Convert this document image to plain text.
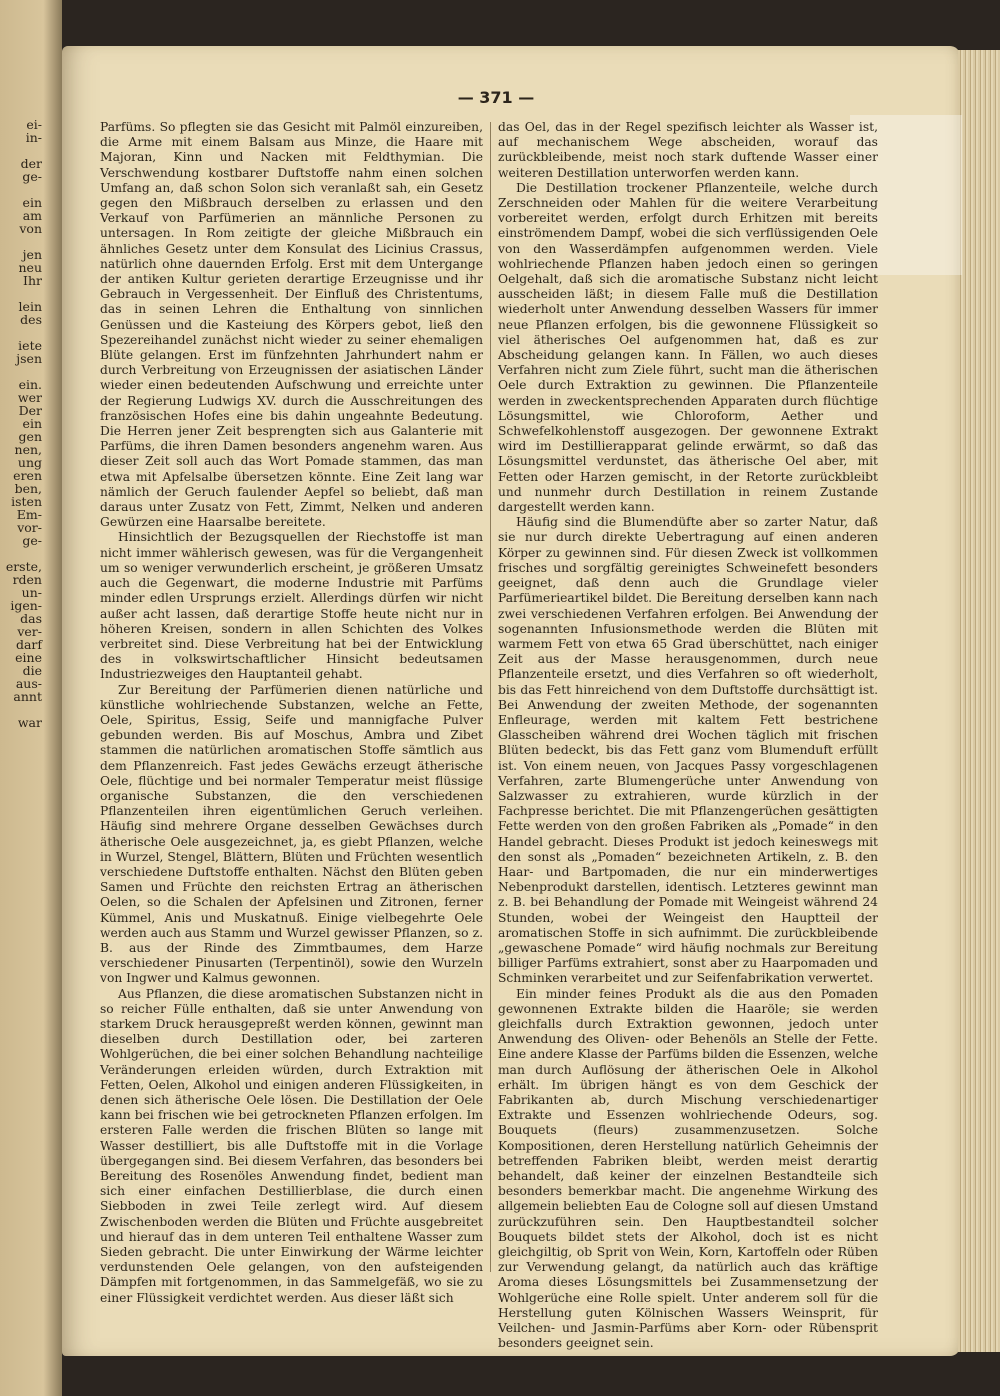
ei-
in-

der
ge-

ein
am
von

jen
neu
Ihr

lein
des

iete
jsen

ein.
wer
Der
ein
gen
nen,
ung
eren
ben,
isten
Em-
vor-
ge-

erste,
rden
un-
igen-
das
ver-
darf
eine
die
aus-
annt

war
— 371 —

Parfüms. So pflegten sie das Gesicht mit Palmöl einzureiben, die Arme mit einem Balsam aus Minze, die Haare mit Majoran, Kinn und Nacken mit Feldthymian. Die Verschwendung kostbarer Duftstoffe nahm einen solchen Umfang an, daß schon Solon sich veranlaßt sah, ein Gesetz gegen den Mißbrauch derselben zu erlassen und den Verkauf von Parfümerien an männliche Personen zu untersagen. In Rom zeitigte der gleiche Mißbrauch ein ähnliches Gesetz unter dem Konsulat des Licinius Crassus, natürlich ohne dauernden Erfolg. Erst mit dem Untergange der antiken Kultur gerieten derartige Erzeugnisse und ihr Gebrauch in Vergessenheit. Der Einfluß des Christentums, das in seinen Lehren die Enthaltung von sinnlichen Genüssen und die Kasteiung des Körpers gebot, ließ den Spezereihandel zunächst nicht wieder zu seiner ehemaligen Blüte gelangen. Erst im fünfzehnten Jahrhundert nahm er durch Verbreitung von Erzeugnissen der asiatischen Länder wieder einen bedeutenden Aufschwung und erreichte unter der Regierung Ludwigs XV. durch die Ausschreitungen des französischen Hofes eine bis dahin ungeahnte Bedeutung. Die Herren jener Zeit besprengten sich aus Galanterie mit Parfüms, die ihren Damen besonders angenehm waren. Aus dieser Zeit soll auch das Wort Pomade stammen, das man etwa mit Apfelsalbe übersetzen könnte. Eine Zeit lang war nämlich der Geruch faulender Aepfel so beliebt, daß man daraus unter Zusatz von Fett, Zimmt, Nelken und anderen Gewürzen eine Haarsalbe bereitete.

Hinsichtlich der Bezugsquellen der Riechstoffe ist man nicht immer wählerisch gewesen, was für die Vergangenheit um so weniger verwunderlich erscheint, je größeren Umsatz auch die Gegenwart, die moderne Industrie mit Parfüms minder edlen Ursprungs erzielt. Allerdings dürfen wir nicht außer acht lassen, daß derartige Stoffe heute nicht nur in höheren Kreisen, sondern in allen Schichten des Volkes verbreitet sind. Diese Verbreitung hat bei der Entwicklung des in volkswirtschaftlicher Hinsicht bedeutsamen Industriezweiges den Hauptanteil gehabt.

Zur Bereitung der Parfümerien dienen natürliche und künstliche wohlriechende Substanzen, welche an Fette, Oele, Spiritus, Essig, Seife und mannigfache Pulver gebunden werden. Bis auf Moschus, Ambra und Zibet stammen die natürlichen aromatischen Stoffe sämtlich aus dem Pflanzenreich. Fast jedes Gewächs erzeugt ätherische Oele, flüchtige und bei normaler Temperatur meist flüssige organische Substanzen, die den verschiedenen Pflanzenteilen ihren eigentümlichen Geruch verleihen. Häufig sind mehrere Organe desselben Gewächses durch ätherische Oele ausgezeichnet, ja, es giebt Pflanzen, welche in Wurzel, Stengel, Blättern, Blüten und Früchten wesentlich verschiedene Duftstoffe enthalten. Nächst den Blüten geben Samen und Früchte den reichsten Ertrag an ätherischen Oelen, so die Schalen der Apfelsinen und Zitronen, ferner Kümmel, Anis und Muskatnuß. Einige vielbegehrte Oele werden auch aus Stamm und Wurzel gewisser Pflanzen, so z. B. aus der Rinde des Zimmtbaumes, dem Harze verschiedener Pinusarten (Terpentinöl), sowie den Wurzeln von Ingwer und Kalmus gewonnen.

Aus Pflanzen, die diese aromatischen Substanzen nicht in so reicher Fülle enthalten, daß sie unter Anwendung von starkem Druck herausgepreßt werden können, gewinnt man dieselben durch Destillation oder, bei zarteren Wohlgerüchen, die bei einer solchen Behandlung nachteilige Veränderungen erleiden würden, durch Extraktion mit Fetten, Oelen, Alkohol und einigen anderen Flüssigkeiten, in denen sich ätherische Oele lösen. Die Destillation der Oele kann bei frischen wie bei getrockneten Pflanzen erfolgen. Im ersteren Falle werden die frischen Blüten so lange mit Wasser destilliert, bis alle Duftstoffe mit in die Vorlage übergegangen sind. Bei diesem Verfahren, das besonders bei Bereitung des Rosenöles Anwendung findet, bedient man sich einer einfachen Destillierblase, die durch einen Siebboden in zwei Teile zerlegt wird. Auf diesem Zwischenboden werden die Blüten und Früchte ausgebreitet und hierauf das in dem unteren Teil enthaltene Wasser zum Sieden gebracht. Die unter Einwirkung der Wärme leichter verdunstenden Oele gelangen, von den aufsteigenden Dämpfen mit fortgenommen, in das Sammelgefäß, wo sie zu einer Flüssigkeit verdichtet werden. Aus dieser läßt sich

das Oel, das in der Regel spezifisch leichter als Wasser ist, auf mechanischem Wege abscheiden, worauf das zurückbleibende, meist noch stark duftende Wasser einer weiteren Destillation unterworfen werden kann.

Die Destillation trockener Pflanzenteile, welche durch Zerschneiden oder Mahlen für die weitere Verarbeitung vorbereitet werden, erfolgt durch Erhitzen mit bereits einströmendem Dampf, wobei die sich verflüssigenden Oele von den Wasserdämpfen aufgenommen werden. Viele wohlriechende Pflanzen haben jedoch einen so geringen Oelgehalt, daß sich die aromatische Substanz nicht leicht ausscheiden läßt; in diesem Falle muß die Destillation wiederholt unter Anwendung desselben Wassers für immer neue Pflanzen erfolgen, bis die gewonnene Flüssigkeit so viel ätherisches Oel aufgenommen hat, daß es zur Abscheidung gelangen kann. In Fällen, wo auch dieses Verfahren nicht zum Ziele führt, sucht man die ätherischen Oele durch Extraktion zu gewinnen. Die Pflanzenteile werden in zweckentsprechenden Apparaten durch flüchtige Lösungsmittel, wie Chloroform, Aether und Schwefelkohlenstoff ausgezogen. Der gewonnene Extrakt wird im Destillierapparat gelinde erwärmt, so daß das Lösungsmittel verdunstet, das ätherische Oel aber, mit Fetten oder Harzen gemischt, in der Retorte zurückbleibt und nunmehr durch Destillation in reinem Zustande dargestellt werden kann.

Häufig sind die Blumendüfte aber so zarter Natur, daß sie nur durch direkte Uebertragung auf einen anderen Körper zu gewinnen sind. Für diesen Zweck ist vollkommen frisches und sorgfältig gereinigtes Schweinefett besonders geeignet, daß denn auch die Grundlage vieler Parfümerieartikel bildet. Die Bereitung derselben kann nach zwei verschiedenen Verfahren erfolgen. Bei Anwendung der sogenannten Infusionsmethode werden die Blüten mit warmem Fett von etwa 65 Grad überschüttet, nach einiger Zeit aus der Masse herausgenommen, durch neue Pflanzenteile ersetzt, und dies Verfahren so oft wiederholt, bis das Fett hinreichend von dem Duftstoffe durchsättigt ist. Bei Anwendung der zweiten Methode, der sogenannten Enfleurage, werden mit kaltem Fett bestrichene Glasscheiben während drei Wochen täglich mit frischen Blüten bedeckt, bis das Fett ganz vom Blumenduft erfüllt ist. Von einem neuen, von Jacques Passy vorgeschlagenen Verfahren, zarte Blumengerüche unter Anwendung von Salzwasser zu extrahieren, wurde kürzlich in der Fachpresse berichtet. Die mit Pflanzengerüchen gesättigten Fette werden von den großen Fabriken als „Pomade“ in den Handel gebracht. Dieses Produkt ist jedoch keineswegs mit den sonst als „Pomaden“ bezeichneten Artikeln, z. B. den Haar- und Bartpomaden, die nur ein minderwertiges Nebenprodukt darstellen, identisch. Letzteres gewinnt man z. B. bei Behandlung der Pomade mit Weingeist während 24 Stunden, wobei der Weingeist den Hauptteil der aromatischen Stoffe in sich aufnimmt. Die zurückbleibende „gewaschene Pomade“ wird häufig nochmals zur Bereitung billiger Parfüms extrahiert, sonst aber zu Haarpomaden und Schminken verarbeitet und zur Seifenfabrikation verwertet.

Ein minder feines Produkt als die aus den Pomaden gewonnenen Extrakte bilden die Haaröle; sie werden gleichfalls durch Extraktion gewonnen, jedoch unter Anwendung des Oliven- oder Behenöls an Stelle der Fette. Eine andere Klasse der Parfüms bilden die Essenzen, welche man durch Auflösung der ätherischen Oele in Alkohol erhält. Im übrigen hängt es von dem Geschick der Fabrikanten ab, durch Mischung verschiedenartiger Extrakte und Essenzen wohlriechende Odeurs, sog. Bouquets (fleurs) zusammenzusetzen. Solche Kompositionen, deren Herstellung natürlich Geheimnis der betreffenden Fabriken bleibt, werden meist derartig behandelt, daß keiner der einzelnen Bestandteile sich besonders bemerkbar macht. Die angenehme Wirkung des allgemein beliebten Eau de Cologne soll auf diesen Umstand zurückzuführen sein. Den Hauptbestandteil solcher Bouquets bildet stets der Alkohol, doch ist es nicht gleichgiltig, ob Sprit von Wein, Korn, Kartoffeln oder Rüben zur Verwendung gelangt, da natürlich auch das kräftige Aroma dieses Lösungsmittels bei Zusammensetzung der Wohlgerüche eine Rolle spielt. Unter anderem soll für die Herstellung guten Kölnischen Wassers Weinsprit, für Veilchen- und Jasmin-Parfüms aber Korn- oder Rübensprit besonders geeignet sein.
